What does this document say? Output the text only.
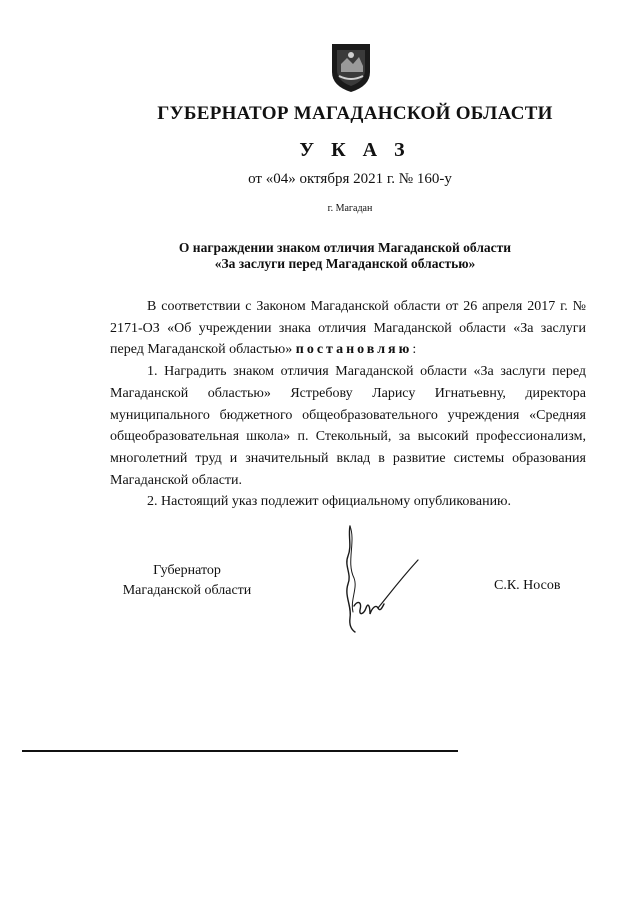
ГУБЕРНАТОР МАГАДАНСКОЙ ОБЛАСТИ
У К А З
от «04» октября 2021 г. № 160-у
г. Магадан
О награждении знаком отличия Магаданской области
«За заслуги перед Магаданской областью»

В соответствии с Законом Магаданской области от 26 апреля 2017 г. № 2171-ОЗ «Об учреждении знака отличия Магаданской области «За заслуги перед Магаданской областью» постановляю:

1. Наградить знаком отличия Магаданской области «За заслуги перед Магаданской областью» Ястребову Ларису Игнатьевну, директора муниципального бюджетного общеобразовательного учреждения «Средняя общеобразовательная школа» п. Стекольный, за высокий профессионализм, многолетний труд и значительный вклад в развитие системы образования Магаданской области.

2. Настоящий указ подлежит официальному опубликованию.

Губернатор
Магаданской области	С.К. Носов
